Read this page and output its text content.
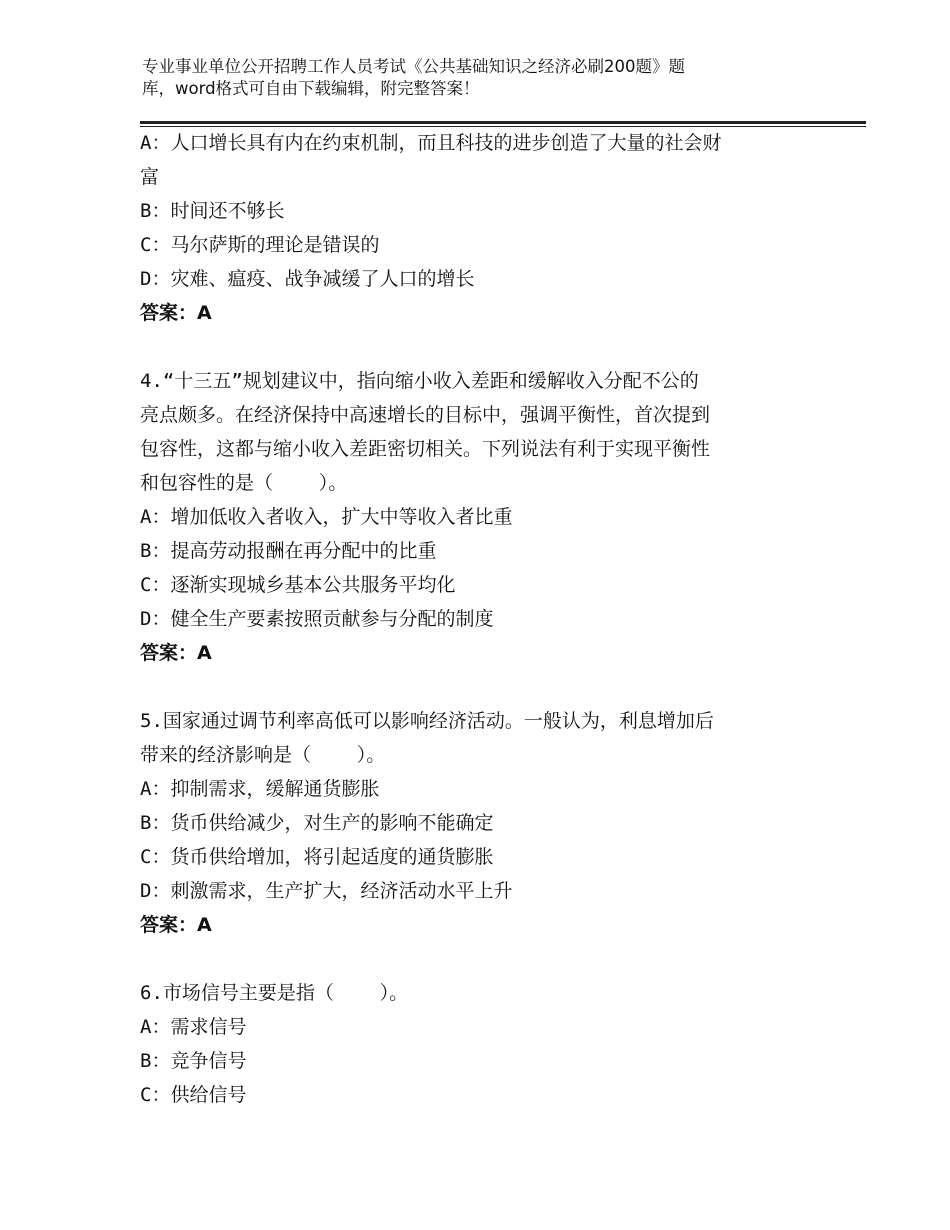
专业事业单位公开招聘工作人员考试《公共基础知识之经济必刷200题》题
库，word格式可自由下载编辑，附完整答案！
A：人口增长具有内在约束机制，而且科技的进步创造了大量的社会财
富
B：时间还不够长
C：马尔萨斯的理论是错误的
D：灾难、瘟疫、战争减缓了人口的增长
答案：A
4.“十三五”规划建议中，指向缩小收入差距和缓解收入分配不公的
亮点颇多。在经济保持中高速增长的目标中，强调平衡性，首次提到
包容性，这都与缩小收入差距密切相关。下列说法有利于实现平衡性
和包容性的是（    ）。
A：增加低收入者收入，扩大中等收入者比重
B：提高劳动报酬在再分配中的比重
C：逐渐实现城乡基本公共服务平均化
D：健全生产要素按照贡献参与分配的制度
答案：A
5.国家通过调节利率高低可以影响经济活动。一般认为，利息增加后
带来的经济影响是（    ）。
A：抑制需求，缓解通货膨胀
B：货币供给减少，对生产的影响不能确定
C：货币供给增加，将引起适度的通货膨胀
D：刺激需求，生产扩大，经济活动水平上升
答案：A
6.市场信号主要是指（    ）。
A：需求信号
B：竞争信号
C：供给信号
